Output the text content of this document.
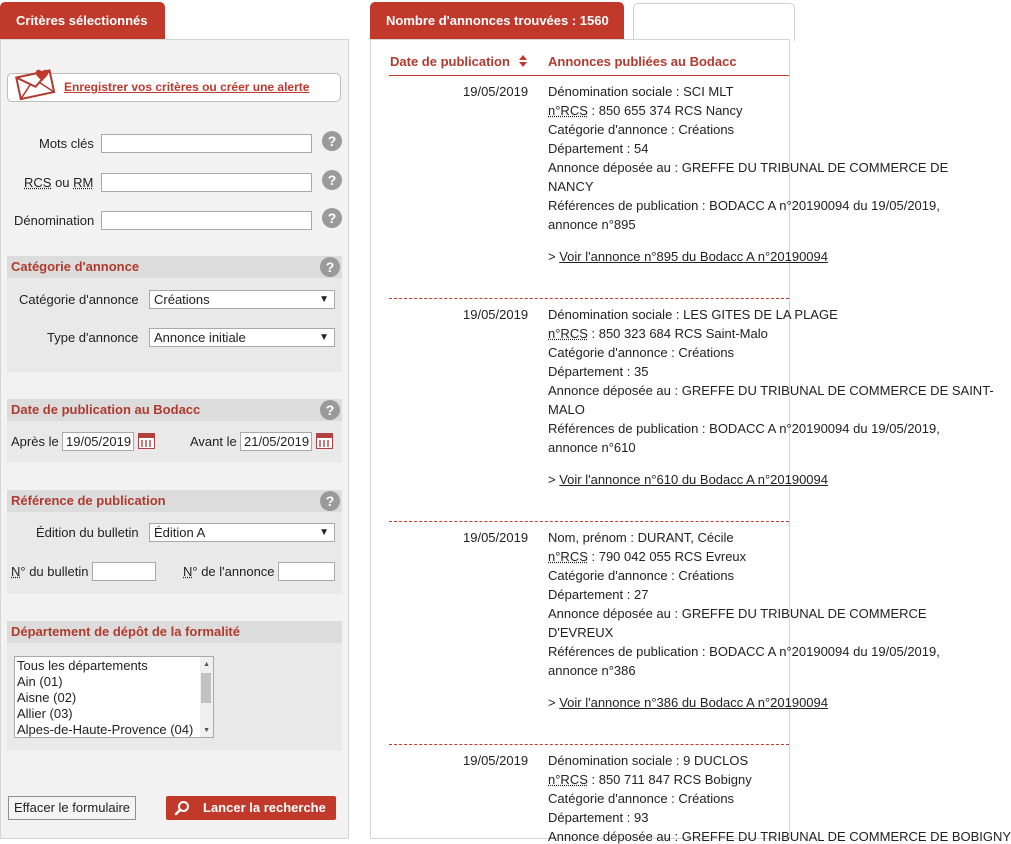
Critères sélectionnés	Nombre d'annonces trouvées : 1560
Enregistrer vos critères ou créer une alerte
Mots clés	?
RCS ou RM	?
Dénomination	?
Catégorie d'annonce	?
Catégorie d'annonce	Créations	▼
Type d'annonce	Annonce initiale	▼
Date de publication au Bodacc	?
Après le 19/05/2019	Avant le 21/05/2019
Référence de publication	?
Édition du bulletin	Édition A	▼
N° du bulletin	N° de l'annonce
Département de dépôt de la formalité
Tous les départements
Ain (01)
Aisne (02)
Allier (03)
Alpes-de-Haute-Provence (04)
▲
▼
Effacer le formulaire	Lancer la recherche
Date de publication	Annonces publiées au Bodacc
19/05/2019 Dénomination sociale : SCI MLT
n°RCS : 850 655 374 RCS Nancy
Catégorie d'annonce : Créations
Département : 54
Annonce déposée au : GREFFE DU TRIBUNAL DE COMMERCE DE
NANCY
Références de publication : BODACC A n°20190094 du 19/05/2019,
annonce n°895
> Voir l'annonce n°895 du Bodacc A n°20190094
19/05/2019 Dénomination sociale : LES GITES DE LA PLAGE
n°RCS : 850 323 684 RCS Saint-Malo
Catégorie d'annonce : Créations
Département : 35
Annonce déposée au : GREFFE DU TRIBUNAL DE COMMERCE DE SAINT-
MALO
Références de publication : BODACC A n°20190094 du 19/05/2019,
annonce n°610
> Voir l'annonce n°610 du Bodacc A n°20190094
19/05/2019 Nom, prénom : DURANT, Cécile
n°RCS : 790 042 055 RCS Evreux
Catégorie d'annonce : Créations
Département : 27
Annonce déposée au : GREFFE DU TRIBUNAL DE COMMERCE
D'EVREUX
Références de publication : BODACC A n°20190094 du 19/05/2019,
annonce n°386
> Voir l'annonce n°386 du Bodacc A n°20190094
19/05/2019 Dénomination sociale : 9 DUCLOS
n°RCS : 850 711 847 RCS Bobigny
Catégorie d'annonce : Créations
Département : 93
Annonce déposée au : GREFFE DU TRIBUNAL DE COMMERCE DE BOBIGNY
